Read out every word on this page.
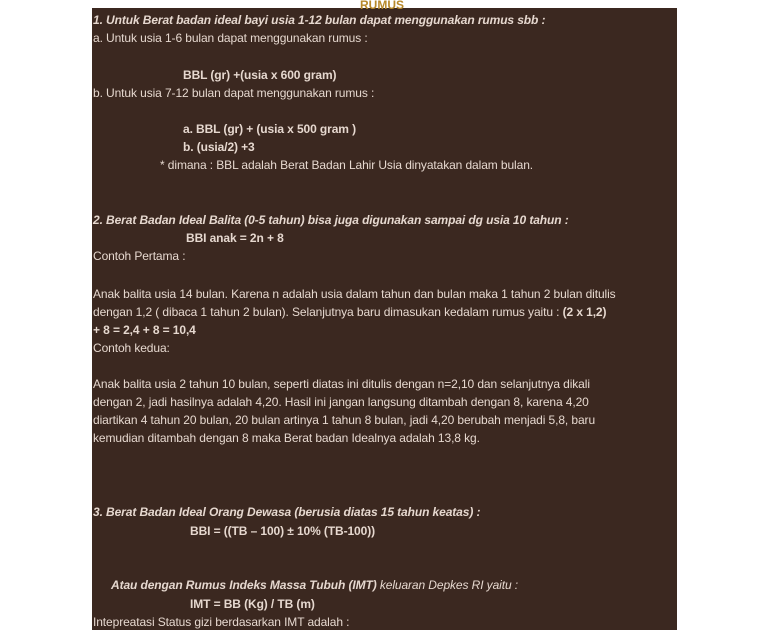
RUMUS
1. Untuk Berat badan ideal bayi usia 1-12 bulan dapat menggunakan rumus sbb :
a. Untuk usia 1-6 bulan dapat menggunakan rumus :
BBL (gr) +(usia x 600 gram)
b. Untuk usia 7-12 bulan dapat menggunakan rumus :
a. BBL (gr) + (usia x 500 gram )
b. (usia/2) +3
* dimana : BBL adalah Berat Badan Lahir Usia dinyatakan dalam bulan.
2. Berat Badan Ideal Balita (0-5 tahun) bisa juga digunakan sampai dg usia 10 tahun :
BBI anak = 2n + 8
Contoh Pertama :
Anak balita usia 14 bulan. Karena n adalah usia dalam tahun dan bulan maka 1 tahun 2 bulan ditulis
dengan 1,2 ( dibaca 1 tahun 2 bulan). Selanjutnya baru dimasukan kedalam rumus yaitu : (2 x 1,2)
+ 8 = 2,4 + 8 = 10,4
Contoh kedua:
Anak balita usia 2 tahun 10 bulan, seperti diatas ini ditulis dengan n=2,10 dan selanjutnya dikali
dengan 2, jadi hasilnya adalah 4,20. Hasil ini jangan langsung ditambah dengan 8, karena 4,20
diartikan 4 tahun 20 bulan, 20 bulan artinya 1 tahun 8 bulan, jadi 4,20 berubah menjadi 5,8, baru
kemudian ditambah dengan 8 maka Berat badan Idealnya adalah 13,8 kg.
3. Berat Badan Ideal Orang Dewasa (berusia diatas 15 tahun keatas) :
BBI = ((TB – 100) ± 10% (TB-100))
Atau dengan Rumus Indeks Massa Tubuh (IMT) keluaran Depkes RI yaitu :
IMT = BB (Kg) / TB (m)
Intepreatasi Status gizi berdasarkan IMT adalah :
